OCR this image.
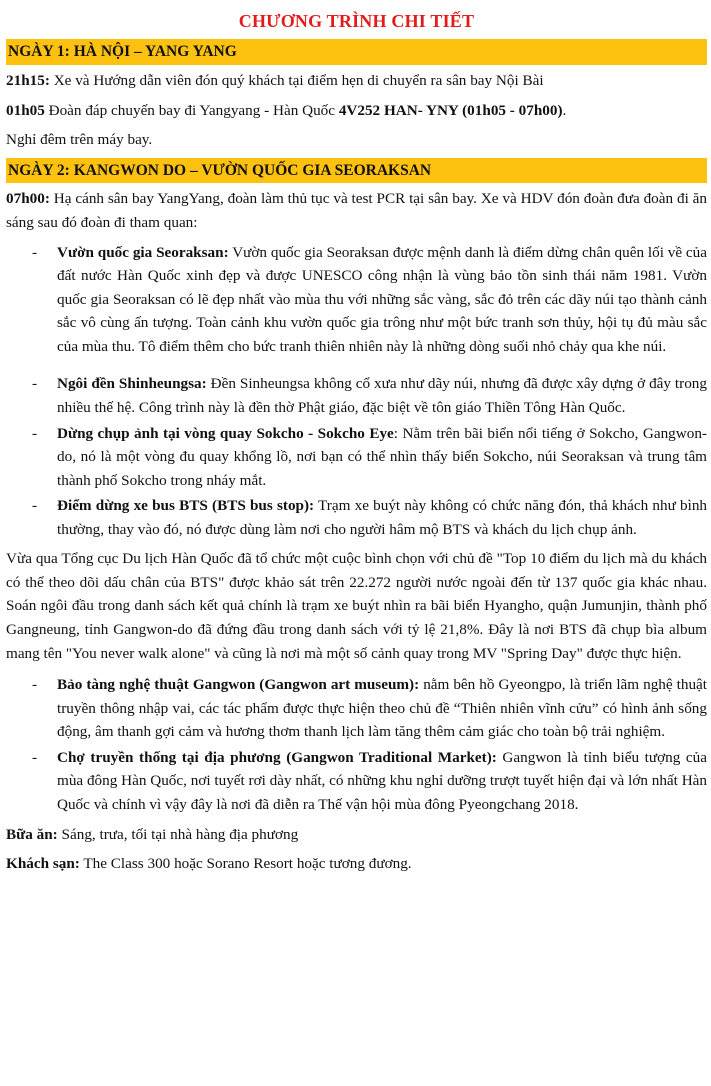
CHƯƠNG TRÌNH CHI TIẾT
NGÀY 1: HÀ NỘI – YANG YANG

21h15: Xe và Hướng dẫn viên đón quý khách tại điểm hẹn di chuyển ra sân bay Nội Bài

01h05 Đoàn đáp chuyến bay đi Yangyang - Hàn Quốc 4V252 HAN- YNY (01h05 - 07h00).

Nghỉ đêm trên máy bay.

NGÀY 2: KANGWON DO – VƯỜN QUỐC GIA SEORAKSAN

07h00: Hạ cánh sân bay YangYang, đoàn làm thủ tục và test PCR tại sân bay. Xe và HDV đón đoàn đưa đoàn đi ăn sáng sau đó đoàn đi tham quan:

- Vườn quốc gia Seoraksan: Vườn quốc gia Seoraksan được mệnh danh là điểm dừng chân quên lối về của đất nước Hàn Quốc xinh đẹp và được UNESCO công nhận là vùng bảo tồn sinh thái năm 1981. Vườn quốc gia Seoraksan có lẽ đẹp nhất vào mùa thu với những sắc vàng, sắc đỏ trên các dãy núi tạo thành cảnh sắc vô cùng ấn tượng. Toàn cảnh khu vườn quốc gia trông như một bức tranh sơn thủy, hội tụ đủ màu sắc của mùa thu. Tô điểm thêm cho bức tranh thiên nhiên này là những dòng suối nhỏ chảy qua khe núi.
- Ngôi đền Shinheungsa: Đền Sinheungsa không cổ xưa như dãy núi, nhưng đã được xây dựng ở đây trong nhiều thế hệ. Công trình này là đền thờ Phật giáo, đặc biệt về tôn giáo Thiền Tông Hàn Quốc.
- Dừng chụp ảnh tại vòng quay Sokcho - Sokcho Eye: Nằm trên bãi biển nổi tiếng ở Sokcho, Gangwon-do, nó là một vòng đu quay khổng lồ, nơi bạn có thể nhìn thấy biển Sokcho, núi Seoraksan và trung tâm thành phố Sokcho trong nháy mắt.
- Điểm dừng xe bus BTS (BTS bus stop): Trạm xe buýt này không có chức năng đón, thả khách như bình thường, thay vào đó, nó được dùng làm nơi cho người hâm mộ BTS và khách du lịch chụp ảnh.

Vừa qua Tổng cục Du lịch Hàn Quốc đã tổ chức một cuộc bình chọn với chủ đề "Top 10 điểm du lịch mà du khách có thể theo dõi dấu chân của BTS" được khảo sát trên 22.272 người nước ngoài đến từ 137 quốc gia khác nhau. Soán ngôi đầu trong danh sách kết quả chính là trạm xe buýt nhìn ra bãi biển Hyangho, quận Jumunjin, thành phố Gangneung, tỉnh Gangwon-do đã đứng đầu trong danh sách với tỷ lệ 21,8%. Đây là nơi BTS đã chụp bìa album mang tên "You never walk alone" và cũng là nơi mà một số cảnh quay trong MV "Spring Day" được thực hiện.

- Bảo tàng nghệ thuật Gangwon (Gangwon art museum): nằm bên hồ Gyeongpo, là triển lãm nghệ thuật truyền thông nhập vai, các tác phẩm được thực hiện theo chủ đề “Thiên nhiên vĩnh cửu” có hình ảnh sống động, âm thanh gợi cảm và hương thơm thanh lịch làm tăng thêm cảm giác cho toàn bộ trải nghiệm.
- Chợ truyền thống tại địa phương (Gangwon Traditional Market): Gangwon là tỉnh biểu tượng của mùa đông Hàn Quốc, nơi tuyết rơi dày nhất, có những khu nghỉ dưỡng trượt tuyết hiện đại và lớn nhất Hàn Quốc và chính vì vậy đây là nơi đã diễn ra Thế vận hội mùa đông Pyeongchang 2018.

Bữa ăn: Sáng, trưa, tối tại nhà hàng địa phương

Khách sạn: The Class 300 hoặc Sorano Resort hoặc tương đương.
